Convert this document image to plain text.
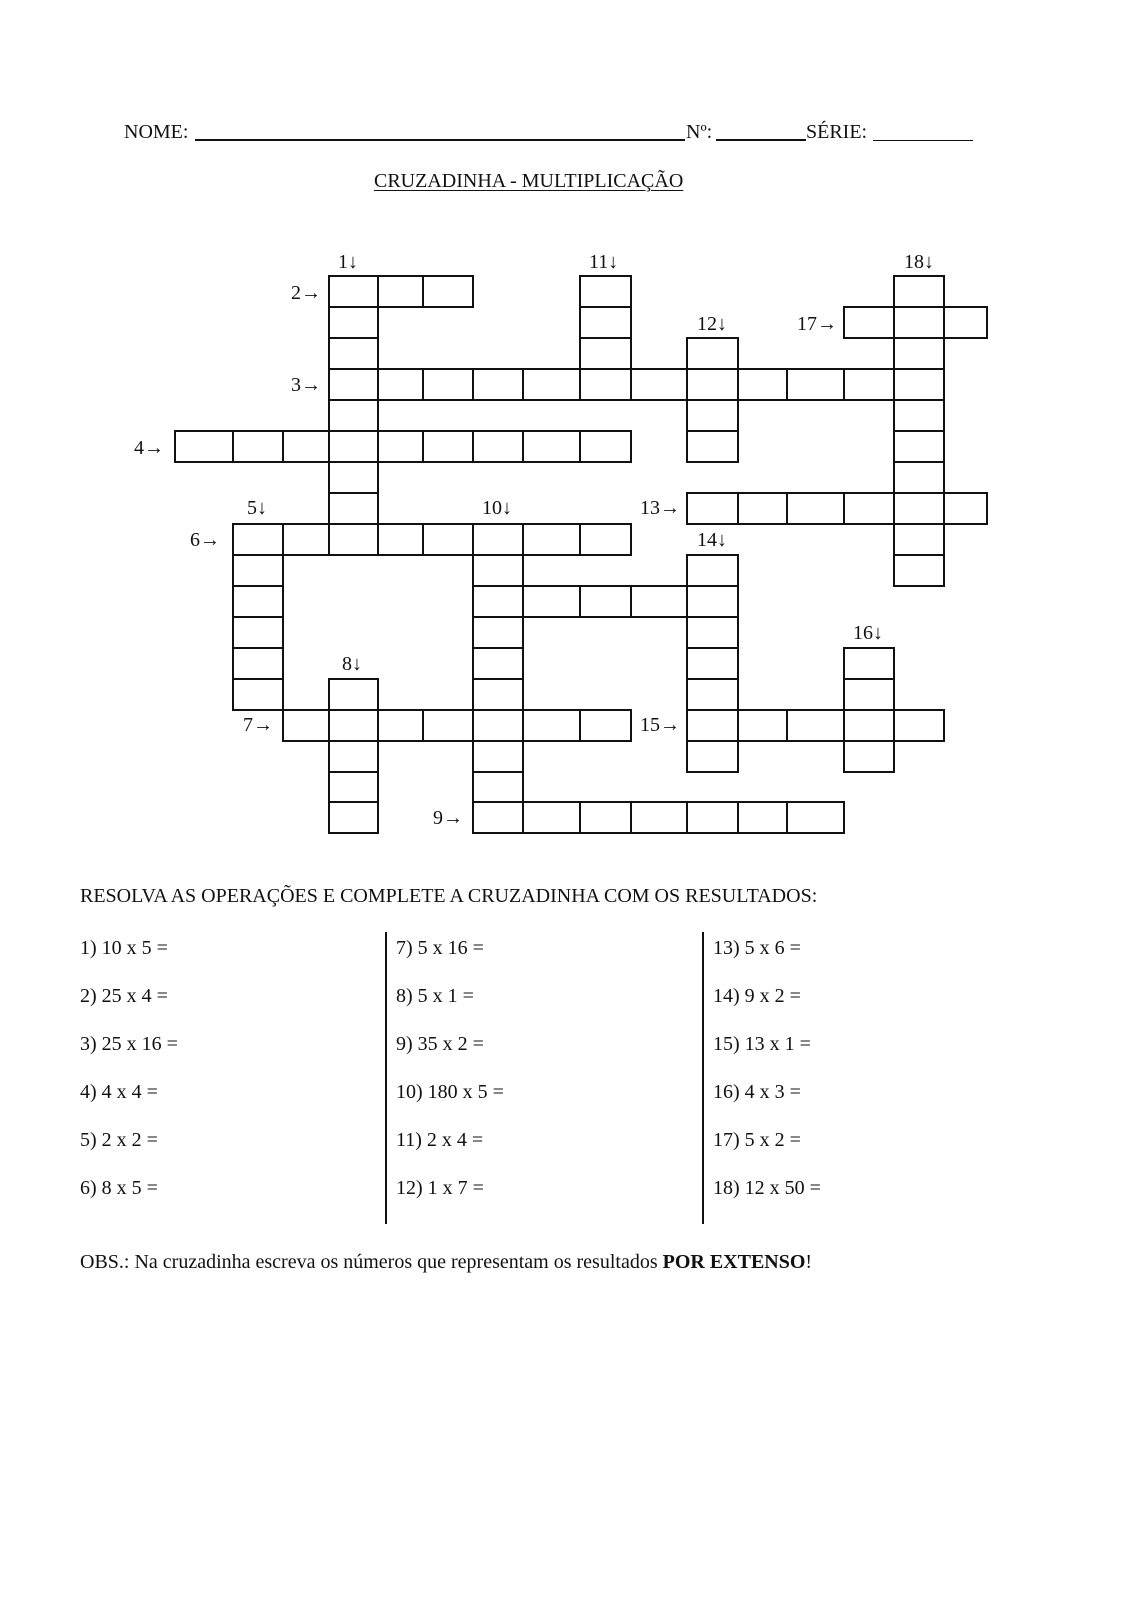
NOME:	Nº:	SÉRIE:
CRUZADINHA - MULTIPLICAÇÃO
1↓	11↓	18↓
2→
12↓	17→
3→
4→
5↓	10↓	13→
6→	14↓
16↓
8↓
7→	15→
9→
RESOLVA AS OPERAÇÕES E COMPLETE A CRUZADINHA COM OS RESULTADOS:
1) 10 x 5 =
2) 25 x 4 =
3) 25 x 16 =
4) 4 x 4 =
5) 2 x 2 =
6) 8 x 5 =
7) 5 x 16 =
8) 5 x 1 =
9) 35 x 2 =
10) 180 x 5 =
11) 2 x 4 =
12) 1 x 7 =
13) 5 x 6 =
14) 9 x 2 =
15) 13 x 1 =
16) 4 x 3 =
17) 5 x 2 =
18) 12 x 50 =
OBS.: Na cruzadinha escreva os números que representam os resultados POR EXTENSO!
